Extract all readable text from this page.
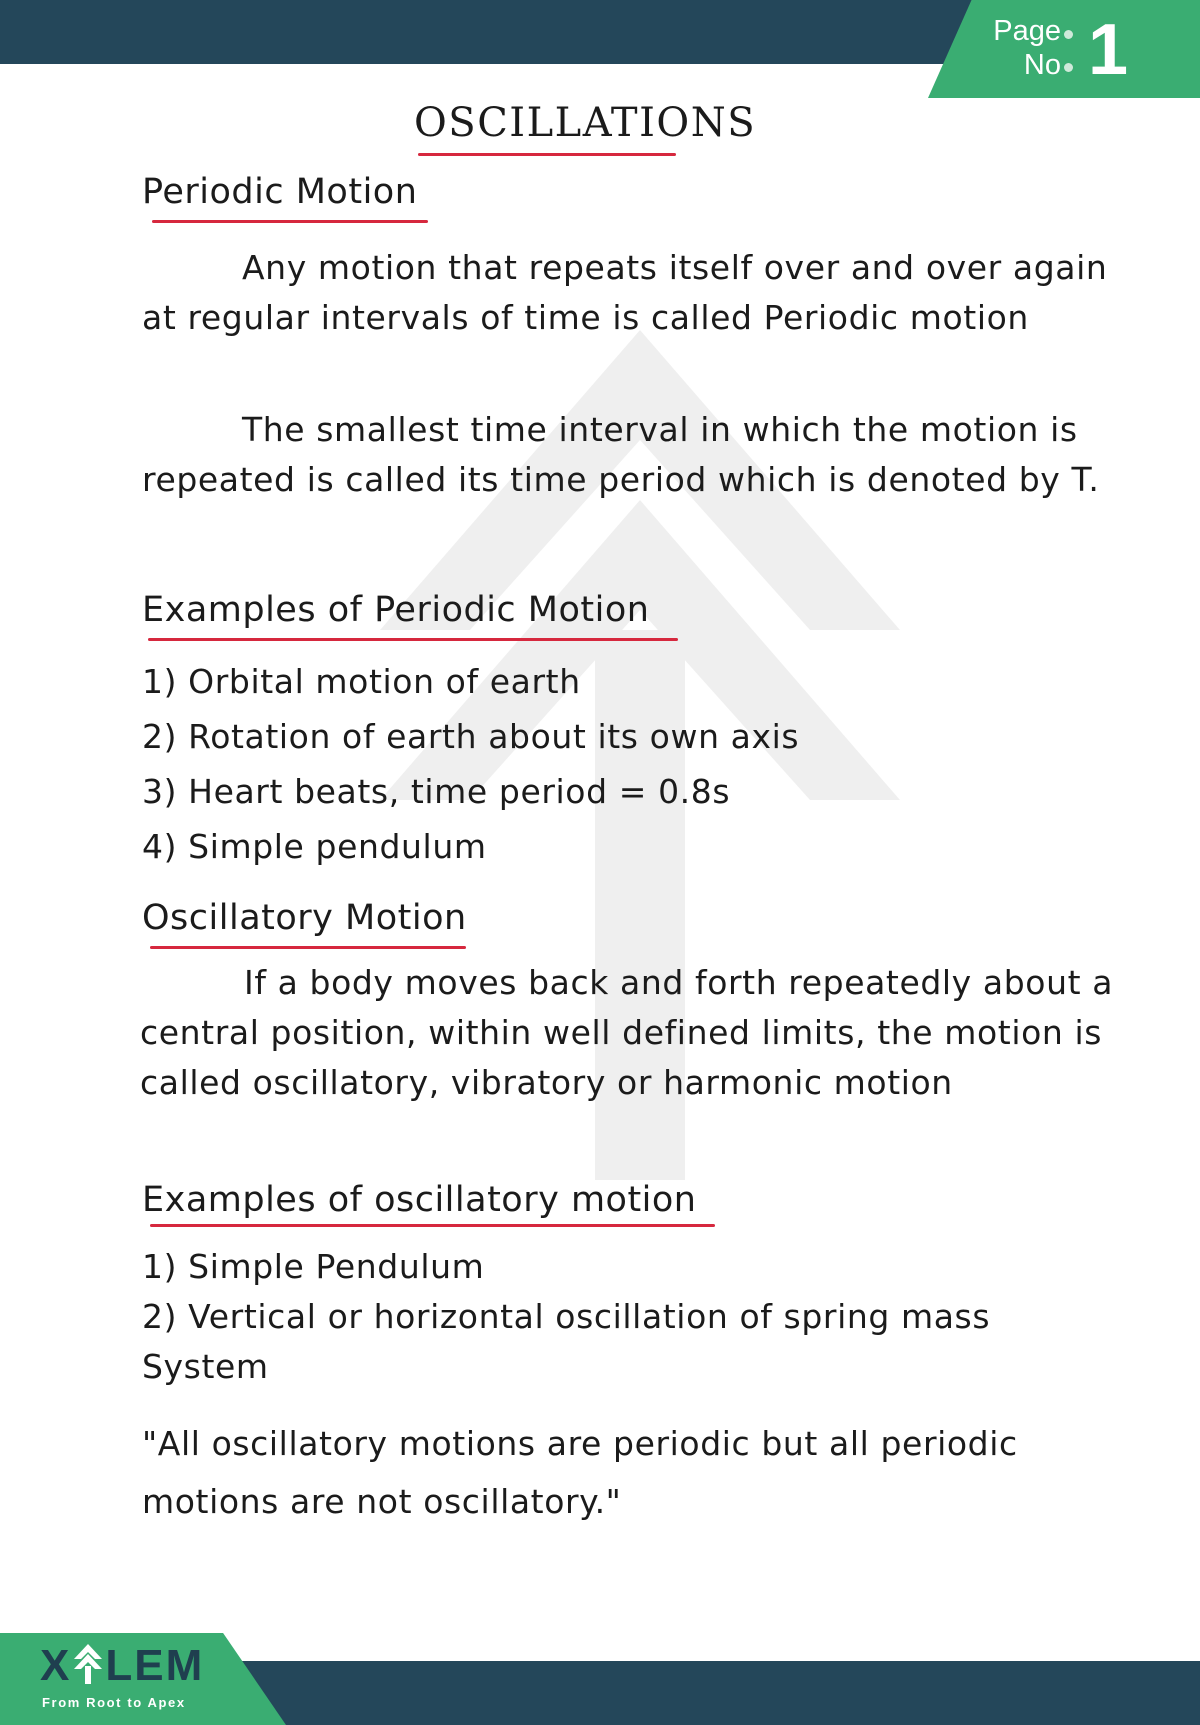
Page
No 1
OSCILLATIONS
Periodic Motion
Any motion that repeats itself over and over again at regular intervals of time is called Periodic motion
The smallest time interval in which the motion is repeated is called its time period which is denoted by T.
Examples of Periodic Motion
1) Orbital motion of earth
2) Rotation of earth about its own axis
3) Heart beats, time period = 0.8s
4) Simple pendulum
Oscillatory Motion
If a body moves back and forth repeatedly about a central position, within well defined limits, the motion is called oscillatory, vibratory or harmonic motion
Examples of oscillatory motion
1) Simple Pendulum
2) Vertical or horizontal oscillation of spring mass System
"All oscillatory motions are periodic but all periodic motions are not oscillatory."
X LEM
From Root to Apex
